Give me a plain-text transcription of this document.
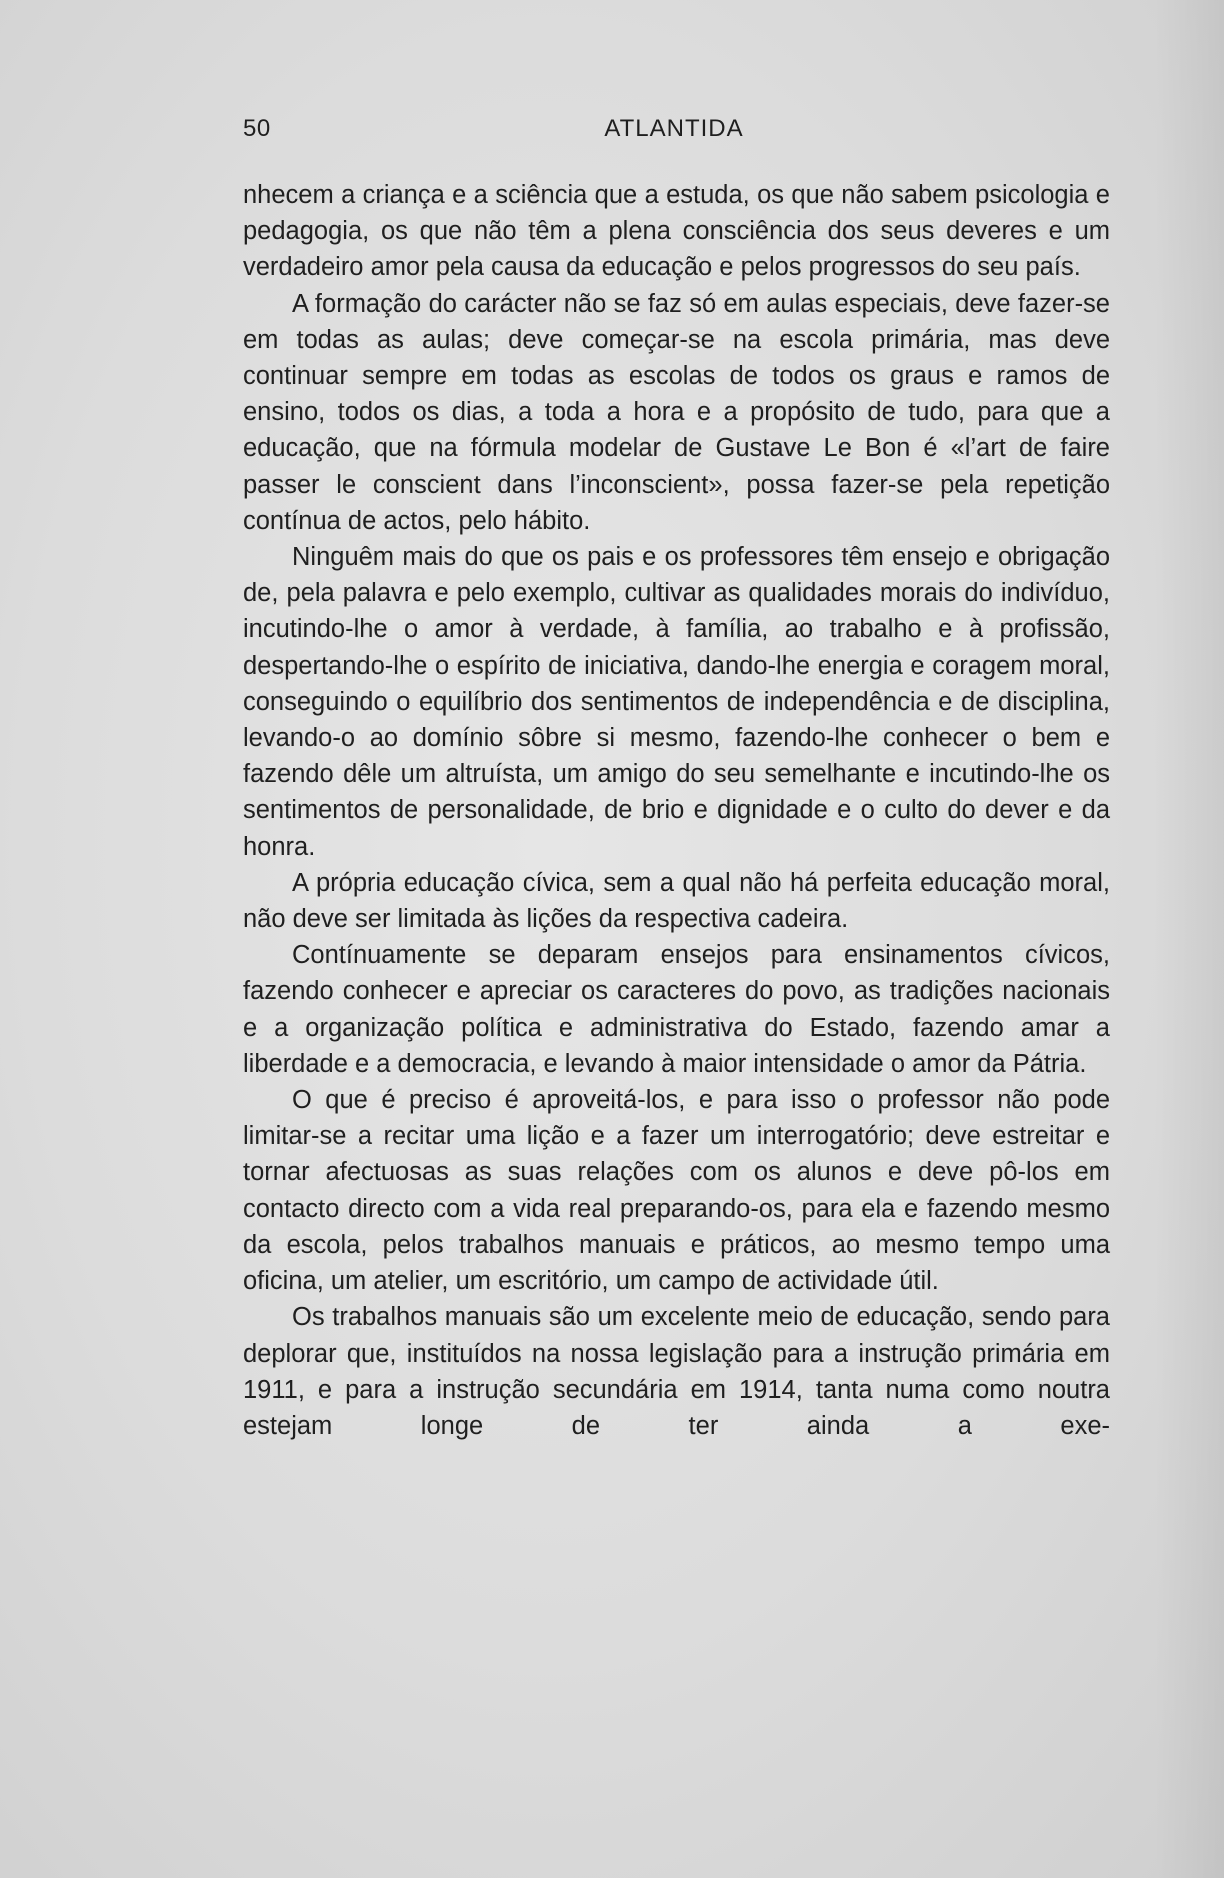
50	ATLANTIDA

nhecem a criança e a sciência que a estuda, os que não sabem psicologia e pedagogia, os que não têm a plena consciência dos seus deveres e um verdadeiro amor pela causa da educação e pelos progressos do seu país.

A formação do carácter não se faz só em aulas especiais, deve fazer-se em todas as aulas; deve começar-se na escola primária, mas deve continuar sempre em todas as escolas de todos os graus e ramos de ensino, todos os dias, a toda a hora e a propósito de tudo, para que a educação, que na fórmula modelar de Gustave Le Bon é «l’art de faire passer le conscient dans l’inconscient», possa fazer-se pela repetição contínua de actos, pelo hábito.

Ninguêm mais do que os pais e os professores têm ensejo e obrigação de, pela palavra e pelo exemplo, cultivar as qualidades morais do indivíduo, incutindo-lhe o amor à verdade, à família, ao trabalho e à profissão, despertando-lhe o espírito de iniciativa, dando-lhe energia e coragem moral, conseguindo o equilíbrio dos sentimentos de independência e de disciplina, levando-o ao domínio sôbre si mesmo, fazendo-lhe conhecer o bem e fazendo dêle um altruísta, um amigo do seu semelhante e incutindo-lhe os sentimentos de personalidade, de brio e dignidade e o culto do dever e da honra.

A própria educação cívica, sem a qual não há perfeita educação moral, não deve ser limitada às lições da respectiva cadeira.

Contínuamente se deparam ensejos para ensinamentos cívicos, fazendo conhecer e apreciar os caracteres do povo, as tradições nacionais e a organização política e administrativa do Estado, fazendo amar a liberdade e a democracia, e levando à maior intensidade o amor da Pátria.

O que é preciso é aproveitá-los, e para isso o professor não pode limitar-se a recitar uma lição e a fazer um interrogatório; deve estreitar e tornar afectuosas as suas relações com os alunos e deve pô-los em contacto directo com a vida real preparando-os, para ela e fazendo mesmo da escola, pelos trabalhos manuais e práticos, ao mesmo tempo uma oficina, um atelier, um escritório, um campo de actividade útil.

Os trabalhos manuais são um excelente meio de educação, sendo para deplorar que, instituídos na nossa legislação para a instrução primária em 1911, e para a instrução secundária em 1914, tanta numa como noutra estejam longe de ter ainda a exe-
